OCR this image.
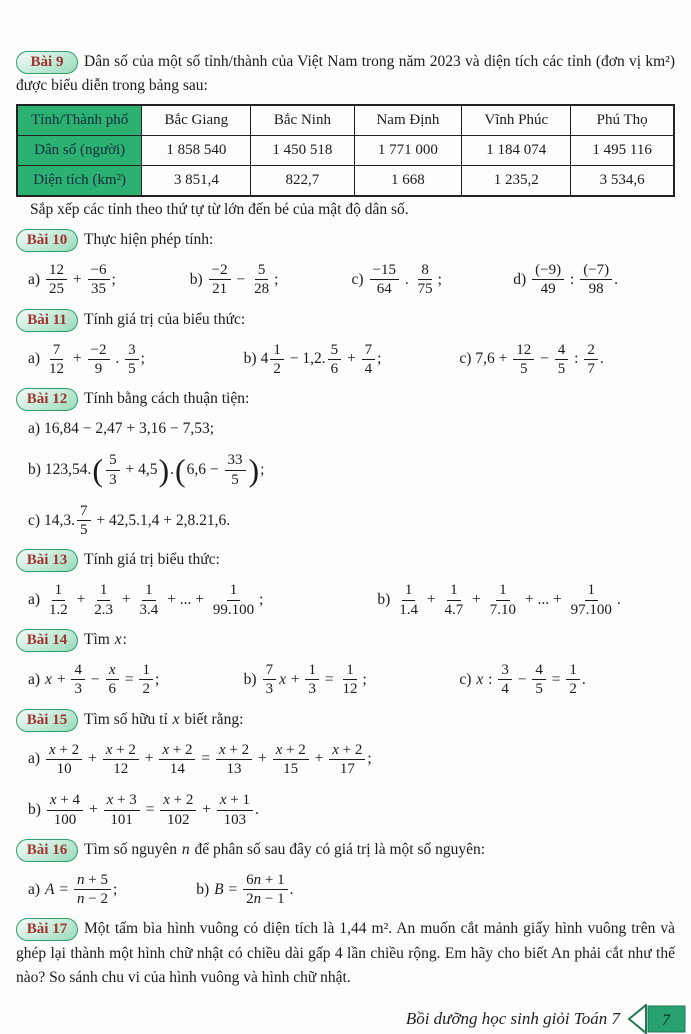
Bài 9 Dân số của một số tỉnh/thành của Việt Nam trong năm 2023 và diện tích các tỉnh (đơn vị km²) được biểu diễn trong bảng sau:

Tỉnh/Thành phố	Bắc Giang	Bắc Ninh	Nam Định	Vĩnh Phúc	Phú Thọ
Dân số (người)	1 858 540	1 450 518	1 771 000	1 184 074	1 495 116
Diện tích (km²)	3 851,4	822,7	1 668	1 235,2	3 534,6

Sắp xếp các tỉnh theo thứ tự từ lớn đến bé của mật độ dân số.

Bài 10 Thực hiện phép tính:

$a) \frac{12}{25} + \frac{-6}{35}$ ;	$b) \frac{-2}{21} - \frac{5}{28}$ ;	$c) \frac{-15}{64}$ . $\frac{8}{75}$ ;	$d) \frac{(-9)}{49}$ : $\frac{(-7)}{98}$ .

Bài 11 Tính giá trị của biểu thức:

$a) \frac{7}{12} + \frac{-2}{9}$ . $\frac{3}{5}$ ;	b) $4 \frac{1}{2} - 1,2$. $\frac{5}{6} + \frac{7}{4}$ ;	c) $7,6 + \frac{12}{5} - \frac{4}{5}$ : $\frac{2}{7}$ .

Bài 12 Tính bằng cách thuận tiện:

a) 16,84 − 2,47 + 3,16 − 7,53;
b) 123,54. ( $\frac{5}{3} + 4,5$ ) . ( $6,6 - \frac{33}{5}$ ) ;
c) 14,3. $\frac{7}{5} + 42,5.1,4 + 2,8.21,6$.

Bài 13 Tính giá trị biểu thức:

$a) \frac{1}{1.2} + \frac{1}{2.3} + \frac{1}{3.4}$ + ... + $\frac{1}{99.100}$ ;	$b) \frac{1}{1.4} + \frac{1}{4.7} + \frac{1}{7.10}$ + ... + $\frac{1}{97.100}$ .

Bài 14 Tìm x:

a) $x + \frac{4}{3} - \frac{x}{6} = \frac{1}{2}$ ;	$b) \frac{7}{3}$ $x + \frac{1}{3} = \frac{1}{12}$ ;	c) x : $\frac{3}{4} - \frac{4}{5} = \frac{1}{2}$ .

Bài 15 Tìm số hữu tỉ x biết rằng:

$a) \frac{x + 2}{10} + \frac{x + 2}{12} + \frac{x + 2}{14} = \frac{x + 2}{13} + \frac{x + 2}{15} + \frac{x + 2}{17}$ ;
$b) \frac{x + 4}{100} + \frac{x + 3}{101} = \frac{x + 2}{102} + \frac{x + 1}{103}$ .

Bài 16 Tìm số nguyên n để phân số sau đây có giá trị là một số nguyên:

a) $A = \frac{n + 5}{n - 2}$ ;	b) $B = \frac{6n + 1}{2n - 1}$ .

Bài 17 Một tấm bìa hình vuông có diện tích là 1,44 m². An muốn cắt mảnh giấy hình vuông trên và ghép lại thành một hình chữ nhật có chiều dài gấp 4 lần chiều rộng. Em hãy cho biết An phải cắt như thế nào? So sánh chu vi của hình vuông và hình chữ nhật.

Bồi dưỡng học sinh giỏi Toán 7	7
